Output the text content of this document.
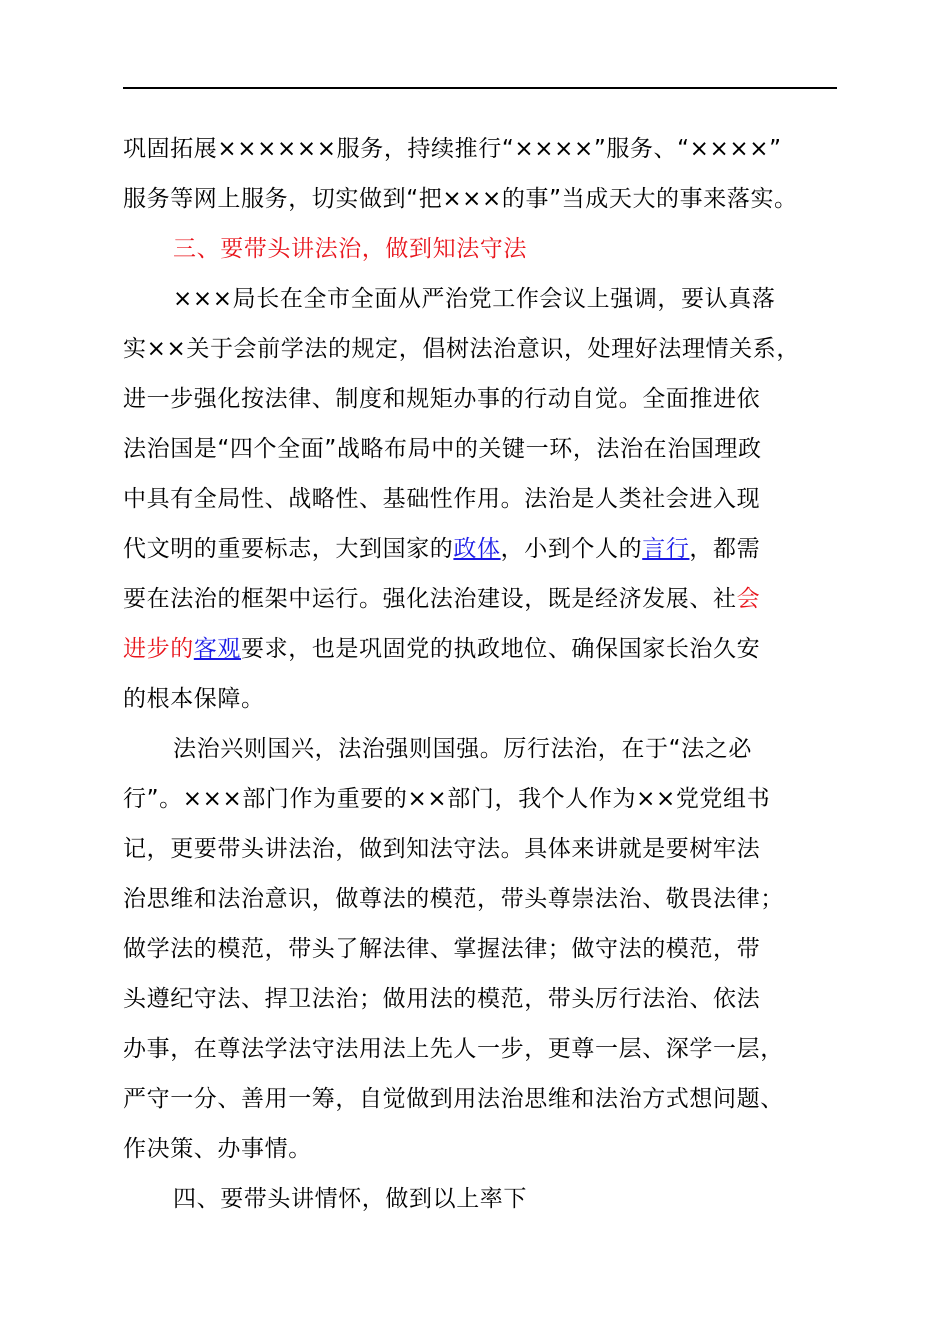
巩固拓展××××××服务，持续推行“××××”服务、“××××”
服务等网上服务，切实做到“把×××的事”当成天大的事来落实。
三、要带头讲法治，做到知法守法
×××局长在全市全面从严治党工作会议上强调，要认真落
实××关于会前学法的规定，倡树法治意识，处理好法理情关系，
进一步强化按法律、制度和规矩办事的行动自觉。全面推进依
法治国是“四个全面”战略布局中的关键一环，法治在治国理政
中具有全局性、战略性、基础性作用。法治是人类社会进入现
代文明的重要标志，大到国家的政体，小到个人的言行，都需
要在法治的框架中运行。强化法治建设，既是经济发展、社会
进步的客观要求，也是巩固党的执政地位、确保国家长治久安
的根本保障。
法治兴则国兴，法治强则国强。厉行法治，在于“法之必
行”。×××部门作为重要的××部门，我个人作为××党党组书
记，更要带头讲法治，做到知法守法。具体来讲就是要树牢法
治思维和法治意识，做尊法的模范，带头尊崇法治、敬畏法律；
做学法的模范，带头了解法律、掌握法律；做守法的模范，带
头遵纪守法、捍卫法治；做用法的模范，带头厉行法治、依法
办事，在尊法学法守法用法上先人一步，更尊一层、深学一层，
严守一分、善用一筹，自觉做到用法治思维和法治方式想问题、
作决策、办事情。
四、要带头讲情怀，做到以上率下
